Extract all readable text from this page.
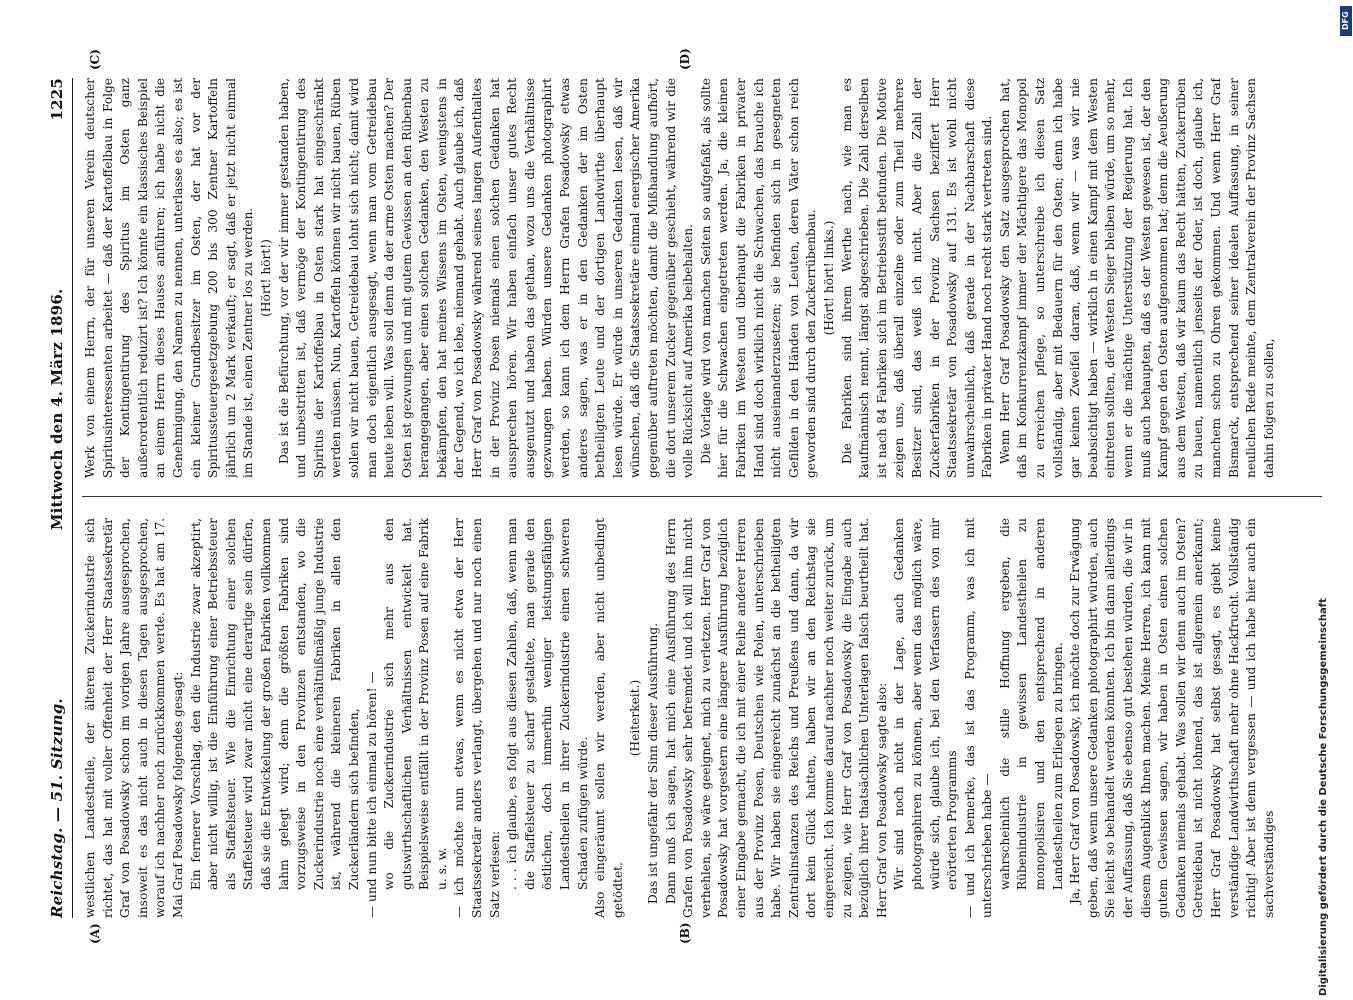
Reichstag. — 51. Sitzung.
Mittwoch den 4. März 1896.
1225
(A)	(B)
(C)	(D)

westlichen Landestheile, der älteren Zuckerindustrie sich richtet, das hat mit voller Offenheit der Herr Staatssekretär Graf von Posadowsky schon im vorigen Jahre ausgesprochen, insoweit es das nicht auch in diesen Tagen ausgesprochen, worauf ich nachher noch zurückkommen werde. Es hat am 17. Mai Graf Posadowsky folgendes gesagt: Ein fernerer Vorschlag, den die Industrie zwar akzeptirt, aber nicht willig, ist die Einführung einer Betriebssteuer als Staffelsteuer. Wie die Einrichtung einer solchen Staffelsteuer wird zwar nicht eine derartige sein dürfen, daß sie die Entwickelung der großen Fabriken vollkommen lahm gelegt wird; denn die größten Fabriken sind vorzugsweise in den Provinzen entstanden, wo die Zuckerindustrie noch eine verhältnißmäßig junge Industrie ist, während die kleineren Fabriken in allen den Zuckerländern sich befinden, — und nun bitte ich einmal zu hören! — wo die Zuckerindustrie sich mehr aus den gutswirthschaftlichen Verhältnissen entwickelt hat. Beispielsweise entfällt in der Provinz Posen auf eine Fabrik u. s. w. — ich möchte nun etwas, wenn es nicht etwa der Herr Staatssekretär anders verlangt, übergehen und nur noch einen Satz verlesen: . . . ich glaube, es folgt aus diesen Zahlen, daß, wenn man die Staffelsteuer zu scharf gestaltete, man gerade den östlichen, doch immerhin weniger leistungsfähigen Landestheilen in ihrer Zuckerindustrie einen schweren Schaden zufügen würde. Also eingeräumt sollen wir werden, aber nicht unbedingt getödtet.

(Heiterkeit.) Das ist ungefähr der Sinn dieser Ausführung. Dann muß ich sagen, hat mich eine Ausführung des Herrn Grafen von Posadowsky sehr befremdet und ich will ihm nicht verhehlen, sie wäre geeignet, mich zu verletzen. Herr Graf von Posadowsky hat vorgestern eine längere Ausführung bezüglich einer Eingabe gemacht, die ich mit einer Reihe anderer Herren aus der Provinz Posen, Deutschen wie Polen, unterschrieben habe. Wir haben sie eingereicht zunächst an die betheiligten Zentralinstanzen des Reichs und Preußens und dann, da wir dort kein Glück hatten, haben wir an den Reichstag sie eingereicht. Ich komme darauf nachher noch weiter zurück, um zu zeigen, wie Herr Graf von Posadowsky die Eingabe auch bezüglich ihrer thatsächlichen Unterlagen falsch beurtheilt hat. Herr Graf von Posadowsky sagte also: Wir sind noch nicht in der Lage, auch Gedanken photographiren zu können, aber wenn das möglich wäre, würde sich, glaube ich, bei den Verfassern des von mir erörterten Programms — und ich bemerke, das ist das Programm, was ich mit unterschrieben habe — wahrscheinlich die stille Hoffnung ergeben, die Rübenindustrie in gewissen Landestheilen zu monopolisiren und den entsprechend in anderen Landestheilen zum Erliegen zu bringen. Ja, Herr Graf von Posadowsky, ich möchte doch zur Erwägung geben, daß wenn unsere Gedanken photographirt würden, auch Sie leicht so behandelt werden könnten. Ich bin dann allerdings der Auffassung, daß Sie ebenso gut bestehen würden, die wir in diesem Augenblick Ihnen machen. Meine Herren, ich kann mit gutem Gewissen sagen, wir haben in Osten einen solchen Gedanken niemals gehabt. Was sollen wir denn auch im Osten? Getreidebau ist nicht lohnend, das ist allgemein anerkannt; Herr Graf Posadowsky hat selbst gesagt, es giebt keine verständige Landwirthschaft mehr ohne Hackfrucht. Vollständig richtig! Aber ist denn vergessen — und ich habe hier auch ein sachverständiges

Werk von einem Herrn, der für unseren Verein deutscher Spiritusinteressenten arbeitet — daß der Kartoffelbau in Folge der Kontingentirung des Spiritus im Osten ganz außerordentlich reduzirt ist? Ich könnte ein klassisches Beispiel an einem Herrn dieses Hauses anführen; ich habe nicht die Genehmigung, den Namen zu nennen, unterlasse es also; es ist ein kleiner Grundbesitzer im Osten, der hat vor der Spiritussteuergesetzgebung 200 bis 300 Zentner Kartoffeln jährlich um 2 Mark verkauft; er sagt, daß er jetzt nicht einmal im Stande ist, einen Zentner los zu werden. (Hört! hört!) Das ist die Befürchtung, vor der wir immer gestanden haben, und unbestritten ist, daß vermöge der Kontingentirung des Spiritus der Kartoffelbau in Osten stark hat eingeschränkt werden müssen. Nun, Kartoffeln können wir nicht bauen, Rüben sollen wir nicht bauen, Getreidebau lohnt sich nicht; damit wird man doch eigentlich ausgesagt, wenn man vom Getreidebau heute leben will. Was soll denn da der arme Osten machen? Der Osten ist gezwungen und mit gutem Gewissen an den Rübenbau herangegangen, aber einen solchen Gedanken, den Westen zu bekämpfen, den hat meines Wissens im Osten, wenigstens in der Gegend, wo ich lebe, niemand gehabt. Auch glaube ich, daß Herr Graf von Posadowsky während seines langen Aufenthaltes in der Provinz Posen niemals einen solchen Gedanken hat aussprechen hören. Wir haben einfach unser gutes Recht ausgenutzt und haben das gethan, wozu uns die Verhältnisse gezwungen haben. Würden unsere Gedanken photographirt werden, so kann ich dem Herrn Grafen Posadowsky etwas anderes sagen, was er in den Gedanken der im Osten betheiligten Leute und der dortigen Landwirthe überhaupt lesen würde. Er würde in unseren Gedanken lesen, daß wir wünschen, daß die Staatssekretäre einmal energischer Amerika gegenüber auftreten möchten, damit die Mißhandlung aufhört, die dort unserem Zucker gegenüber geschieht, während wir die volle Rücksicht auf Amerika beibehalten. Die Vorlage wird von manchen Seiten so aufgefaßt, als sollte hier für die Schwachen eingetreten werden. Ja, die kleinen Fabriken im Westen und überhaupt die Fabriken in privater Hand sind doch wirklich nicht die Schwachen, das brauche ich nicht auseinanderzusetzen; sie befinden sich in gesegneten Gefilden in den Händen von Leuten, deren Väter schon reich geworden sind durch den Zuckerrübenbau. (Hört! hört! links.) Die Fabriken sind ihrem Werthe nach, wie man es kaufmännisch nennt, längst abgeschrieben. Die Zahl derselben ist nach 84 Fabriken sich im Betriebsstift befunden. Die Motive zeigen uns, daß überall einzelne oder zum Theil mehrere Besitzer sind, das weiß ich nicht. Aber die Zahl der Zuckerfabriken in der Provinz Sachsen beziffert Herr Staatssekretär von Posadowsky auf 131. Es ist wohl nicht unwahrscheinlich, daß gerade in der Nachbarschaft diese Fabriken in privater Hand noch recht stark vertreten sind. Wenn Herr Graf Posadowsky den Satz ausgesprochen hat, daß im Konkurrenzkampf immer der Mächtigere das Monopol zu erreichen pflege, so unterschreibe ich diesen Satz vollständig, aber mit Bedauern für den Osten; denn ich habe gar keinen Zweifel daran, daß, wenn wir — was wir nie beabsichtigt haben — wirklich in einen Kampf mit dem Westen eintreten sollten, der Westen Sieger bleiben würde, um so mehr, wenn er die mächtige Unterstützung der Regierung hat. Ich muß auch behaupten, daß es der Westen gewesen ist, der den Kampf gegen den Osten aufgenommen hat; denn die Aeußerung aus dem Westen, daß wir kaum das Recht hätten, Zuckerrüben zu bauen, namentlich jenseits der Oder, ist doch, glaube ich, manchem schon zu Ohren gekommen. Und wenn Herr Graf Bismarck, entsprechend seiner idealen Auffassung, in seiner neulichen Rede meinte, dem Zentralverein der Provinz Sachsen dahin folgen zu sollen,

Digitalisierung gefördert durch die Deutsche Forschungsgemeinschaft
DFG
